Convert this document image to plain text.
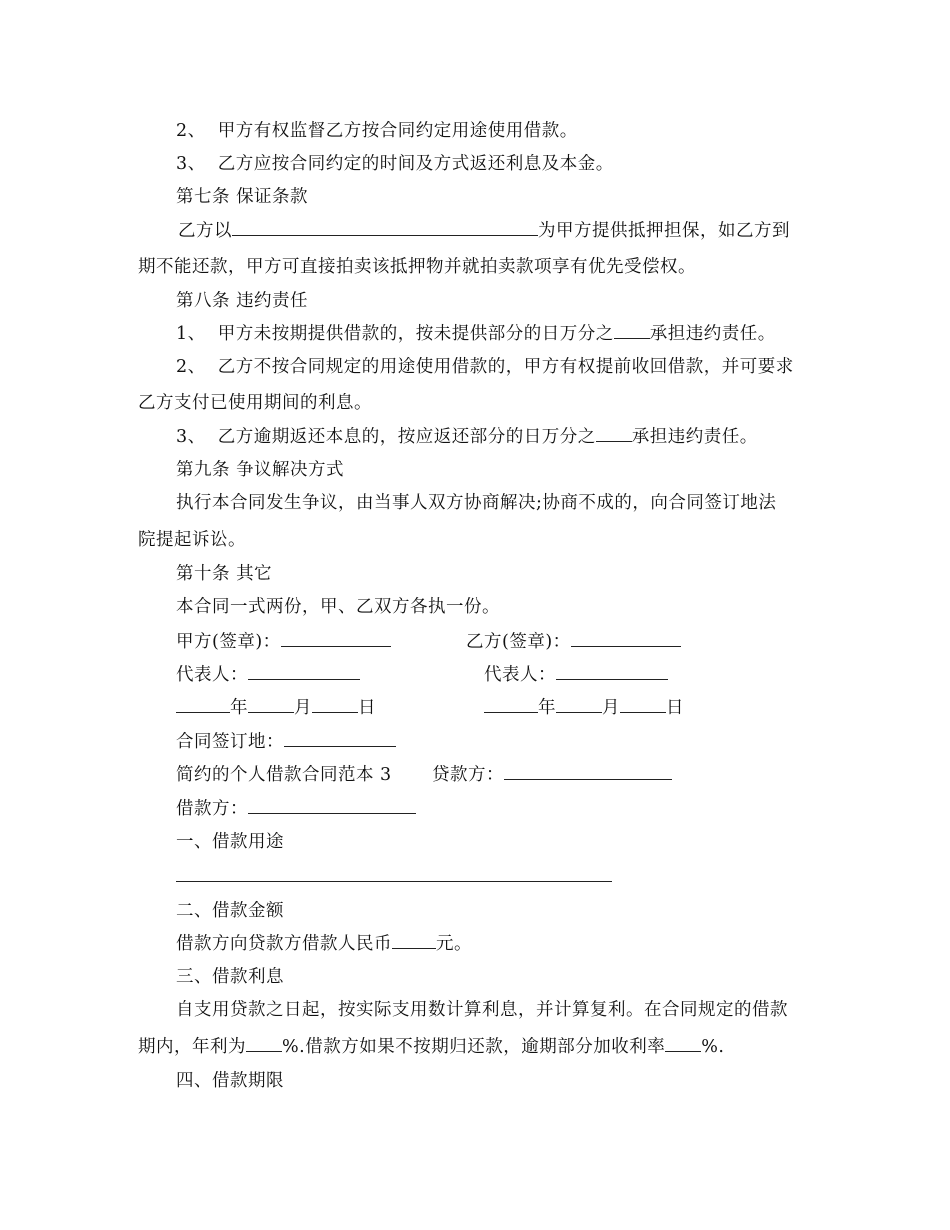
2、  甲方有权监督乙方按合同约定用途使用借款。
3、  乙方应按合同约定的时间及方式返还利息及本金。
第七条 保证条款
乙方以	为甲方提供抵押担保，如乙方到
期不能还款，甲方可直接拍卖该抵押物并就拍卖款项享有优先受偿权。
第八条 违约责任
1、  甲方未按期提供借款的，按未提供部分的日万分之 承担违约责任。
2、  乙方不按合同规定的用途使用借款的，甲方有权提前收回借款，并可要求
乙方支付已使用期间的利息。
3、  乙方逾期返还本息的，按应返还部分的日万分之 承担违约责任。
第九条 争议解决方式
执行本合同发生争议，由当事人双方协商解决;协商不成的，向合同签订地法
院提起诉讼。
第十条 其它
本合同一式两份，甲、乙双方各执一份。
甲方(签章)：	乙方(签章)：
代表人：	代表人：
年	月	日	年	月	日
合同签订地：
简约的个人借款合同范本 3 贷款方：
借款方：
一、借款用途
二、借款金额
借款方向贷款方借款人民币	元。
三、借款利息
自支用贷款之日起，按实际支用数计算利息，并计算复利。在合同规定的借款
期内，年利为 %.借款方如果不按期归还款，逾期部分加收利率 %.
四、借款期限
